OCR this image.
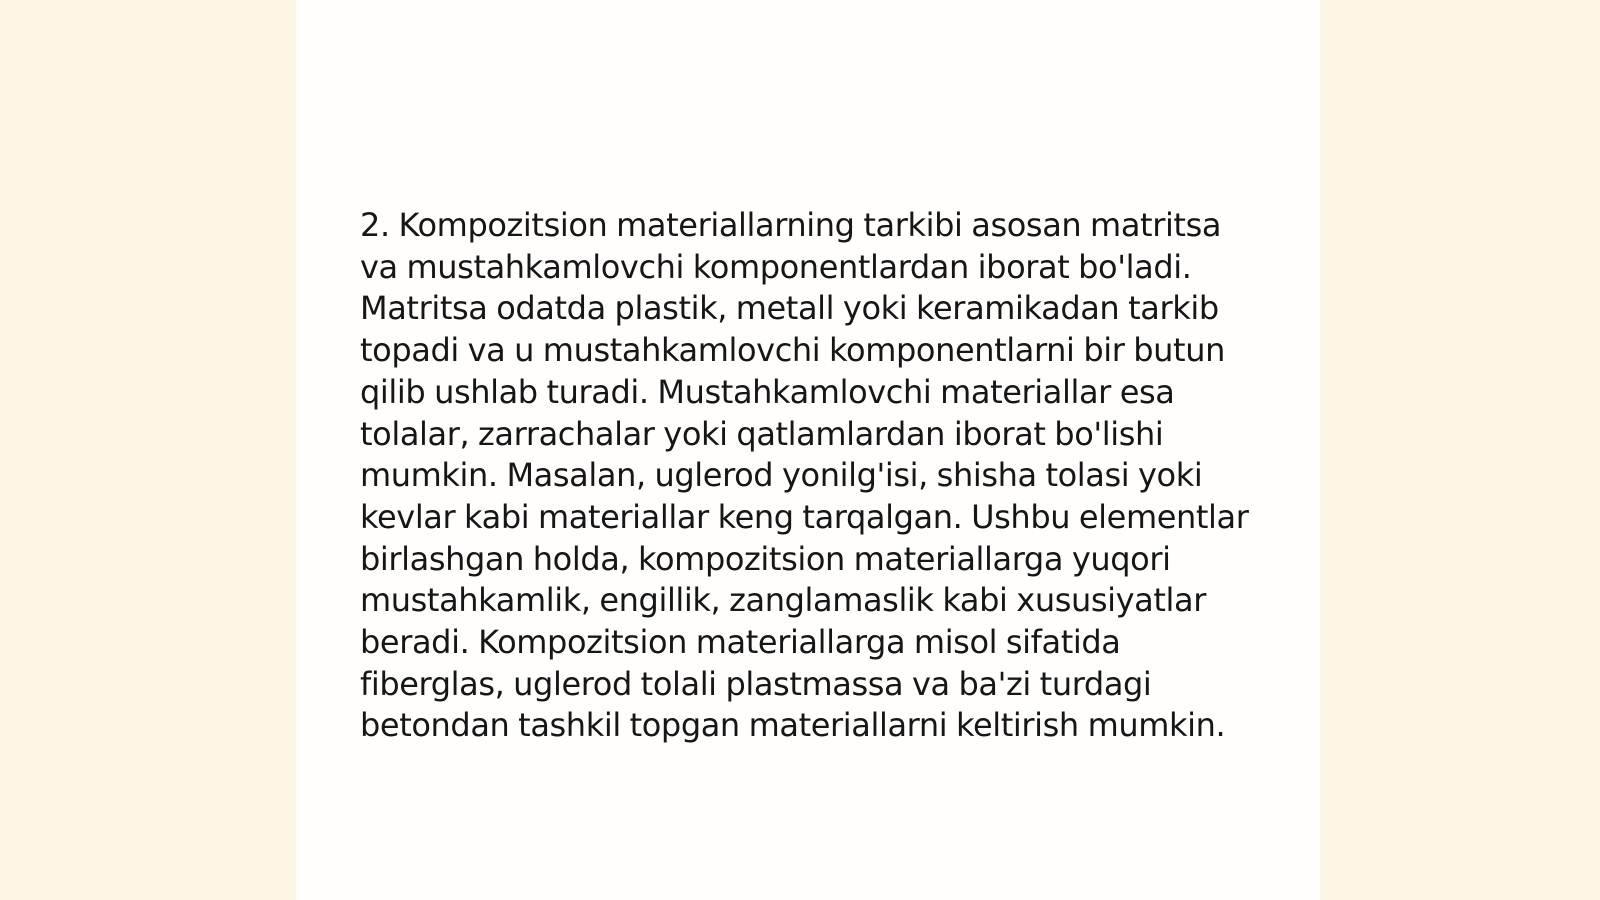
2. Kompozitsion materiallarning tarkibi asosan matritsa va mustahkamlovchi komponentlardan iborat bo'ladi. Matritsa odatda plastik, metall yoki keramikadan tarkib topadi va u mustahkamlovchi komponentlarni bir butun qilib ushlab turadi. Mustahkamlovchi materiallar esa tolalar, zarrachalar yoki qatlamlardan iborat bo'lishi mumkin. Masalan, uglerod yonilg'isi, shisha tolasi yoki kevlar kabi materiallar keng tarqalgan. Ushbu elementlar birlashgan holda, kompozitsion materiallarga yuqori mustahkamlik, engillik, zanglamaslik kabi xususiyatlar beradi. Kompozitsion materiallarga misol sifatida fiberglas, uglerod tolali plastmassa va ba'zi turdagi betondan tashkil topgan materiallarni keltirish mumkin.
